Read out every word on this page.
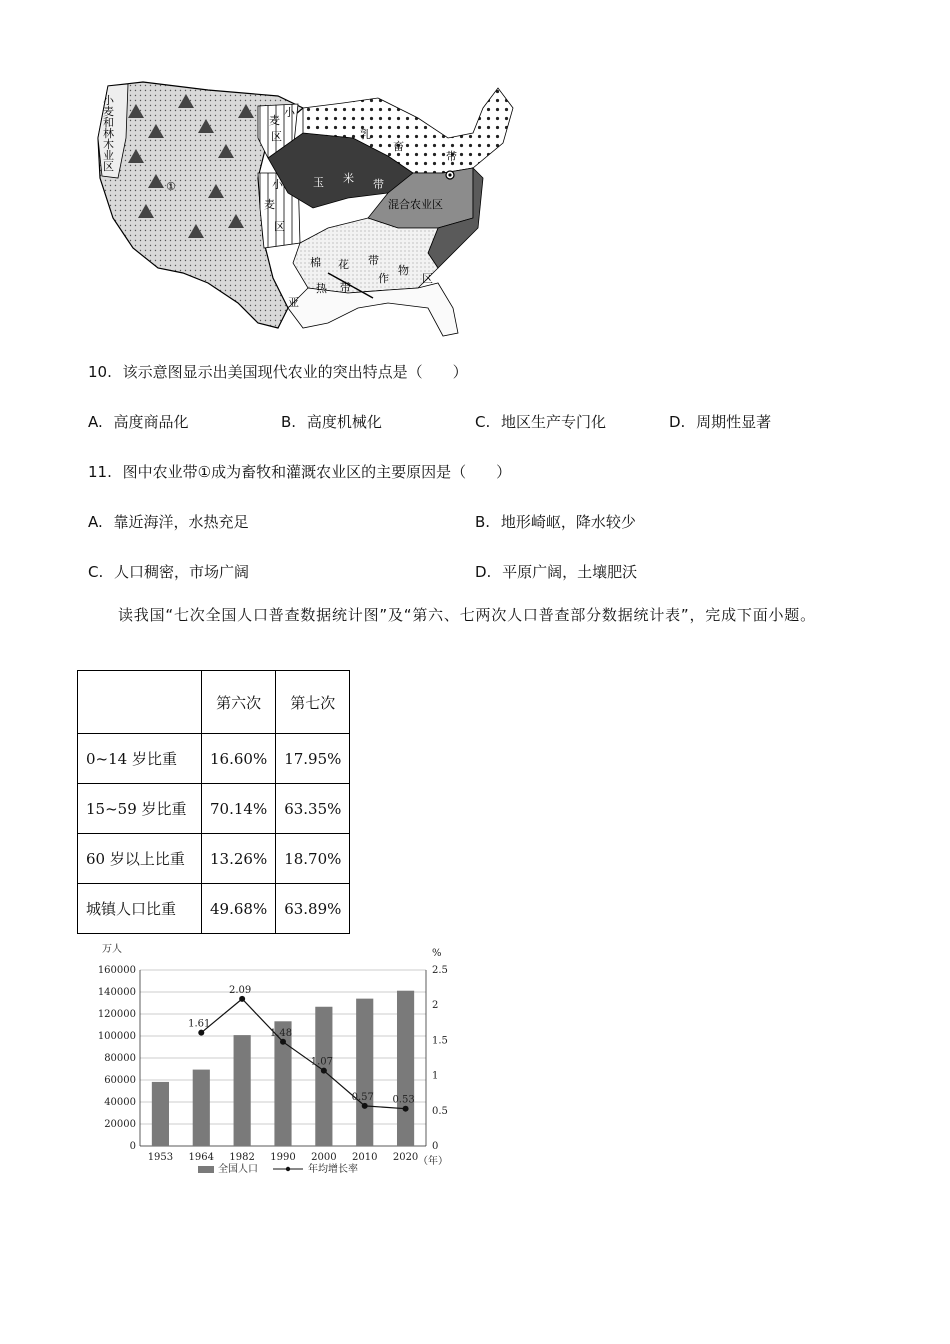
①
小
麦
和
林
木
业
区
小
麦
区
小
麦
区
玉 米 带
乳
畜
带
混合农业区
棉 花 带
作
物
区
亚
热 带
10. 该示意图显示出美国现代农业的突出特点是（　　）
A. 高度商品化	B. 高度机械化	C. 地区生产专门化	D. 周期性显著
11. 图中农业带①成为畜牧和灌溉农业区的主要原因是（　　）
A. 靠近海洋，水热充足	B. 地形崎岖，降水较少
C. 人口稠密，市场广阔	D. 平原广阔，土壤肥沃
读我国“七次全国人口普查数据统计图”及“第六、七两次人口普查部分数据统计表”，完成下面小题。
	第六次	第七次
0~14 岁比重	16.60%	17.95%
15~59 岁比重	70.14%	63.35%
60 岁以上比重	13.26%	18.70%
城镇人口比重	49.68%	63.89%
万人	%
（年）
160000
140000
120000
100000
80000
60000
40000
20000
0
2.5
2
1.5
1
0.5
0
1953 1964 1982 1990 2000 2010 2020
1.61
2.09
1.48
1.07
0.57 0.53
全国人口	年均增长率
